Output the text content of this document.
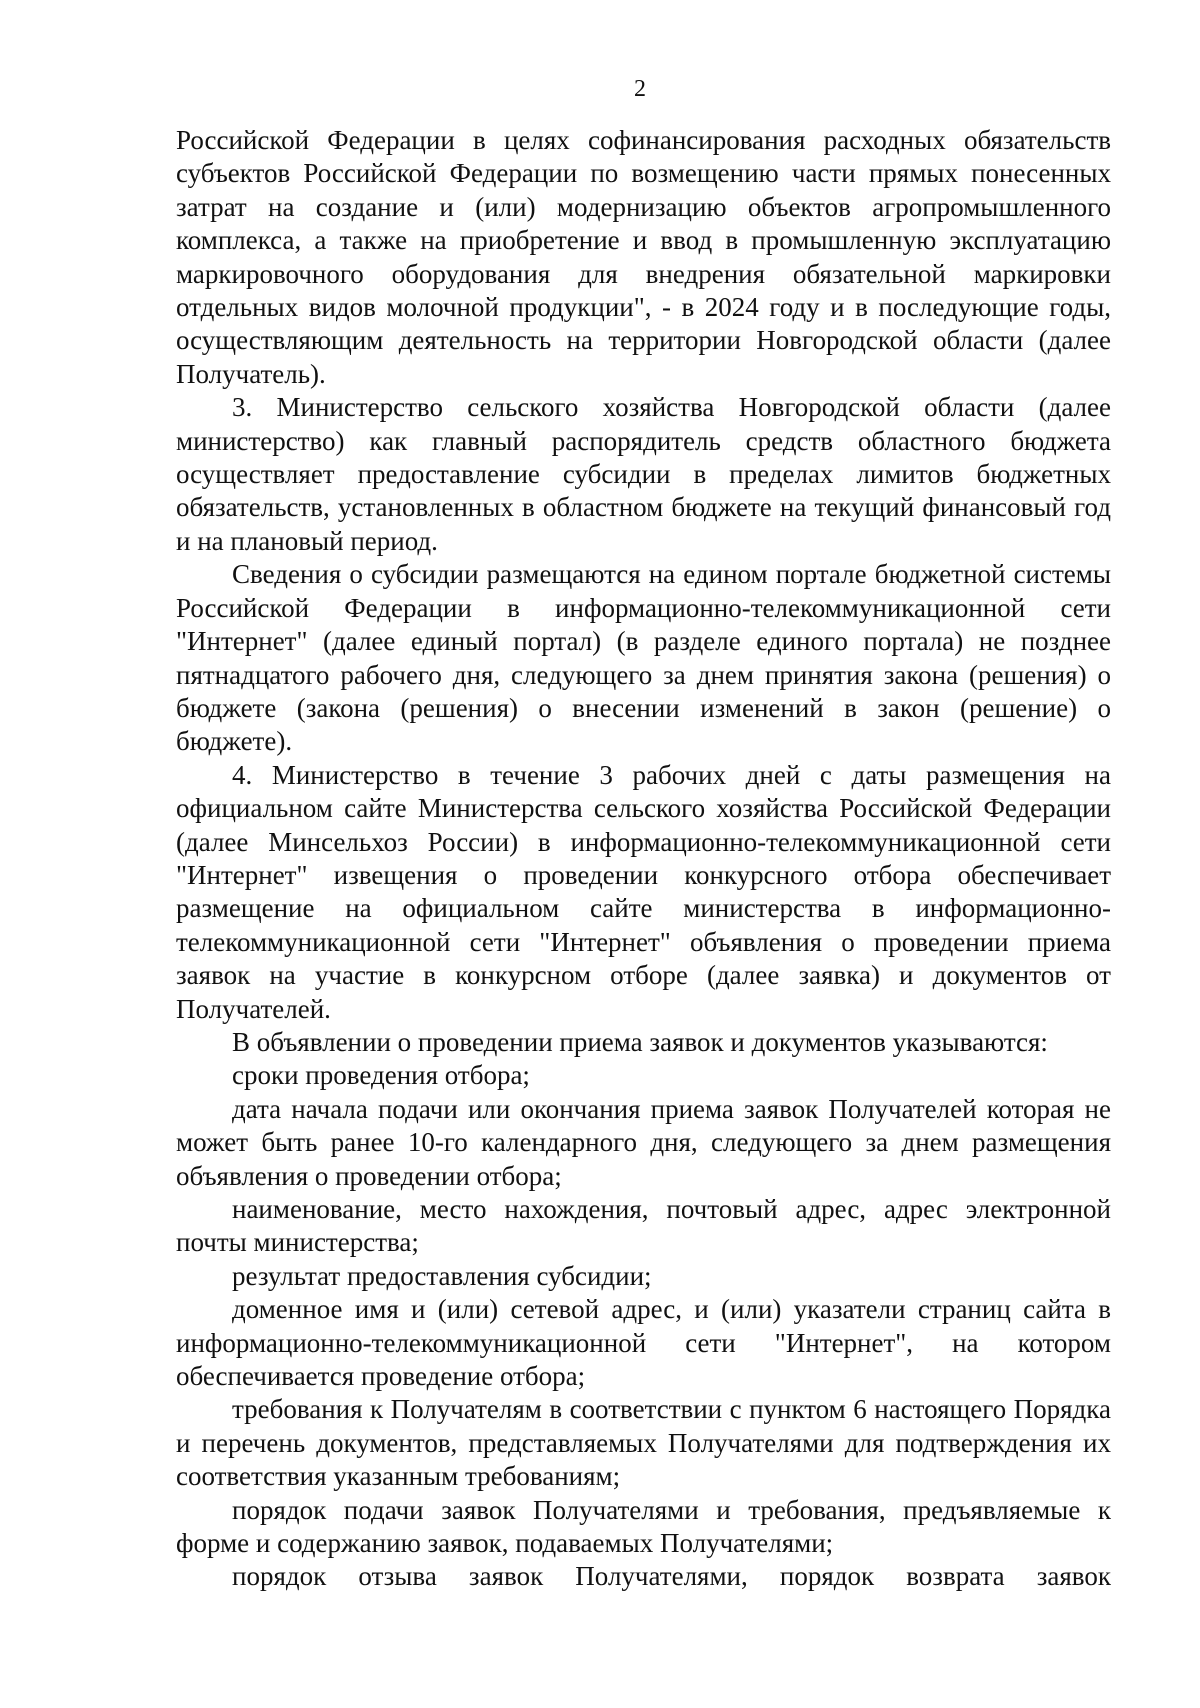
2

Российской Федерации в целях софинансирования расходных обязательств субъектов Российской Федерации по возмещению части прямых понесенных затрат на создание и (или) модернизацию объектов агропромышленного комплекса, а также на приобретение и ввод в промышленную эксплуатацию маркировочного оборудования для внедрения обязательной маркировки отдельных видов молочной продукции", - в 2024 году и в последующие годы, осуществляющим деятельность на территории Новгородской области (далее Получатель).

3. Министерство сельского хозяйства Новгородской области (далее министерство) как главный распорядитель средств областного бюджета осуществляет предоставление субсидии в пределах лимитов бюджетных обязательств, установленных в областном бюджете на текущий финансовый год и на плановый период.

Сведения о субсидии размещаются на едином портале бюджетной системы Российской Федерации в информационно-телекоммуникационной сети "Интернет" (далее единый портал) (в разделе единого портала) не позднее пятнадцатого рабочего дня, следующего за днем принятия закона (решения) о бюджете (закона (решения) о внесении изменений в закон (решение) о бюджете).

4. Министерство в течение 3 рабочих дней с даты размещения на официальном сайте Министерства сельского хозяйства Российской Федерации (далее Минсельхоз России) в информационно-телекоммуникационной сети "Интернет" извещения о проведении конкурсного отбора обеспечивает размещение на официальном сайте министерства в информационно-телекоммуникационной сети "Интернет" объявления о проведении приема заявок на участие в конкурсном отборе (далее заявка) и документов от Получателей.

В объявлении о проведении приема заявок и документов указываются:

сроки проведения отбора;

дата начала подачи или окончания приема заявок Получателей которая не может быть ранее 10-го календарного дня, следующего за днем размещения объявления о проведении отбора;

наименование, место нахождения, почтовый адрес, адрес электронной почты министерства;

результат предоставления субсидии;

доменное имя и (или) сетевой адрес, и (или) указатели страниц сайта в информационно-телекоммуникационной сети "Интернет", на котором обеспечивается проведение отбора;

требования к Получателям в соответствии с пунктом 6 настоящего Порядка и перечень документов, представляемых Получателями для подтверждения их соответствия указанным требованиям;

порядок подачи заявок Получателями и требования, предъявляемые к форме и содержанию заявок, подаваемых Получателями;

порядок отзыва заявок Получателями, порядок возврата заявок
